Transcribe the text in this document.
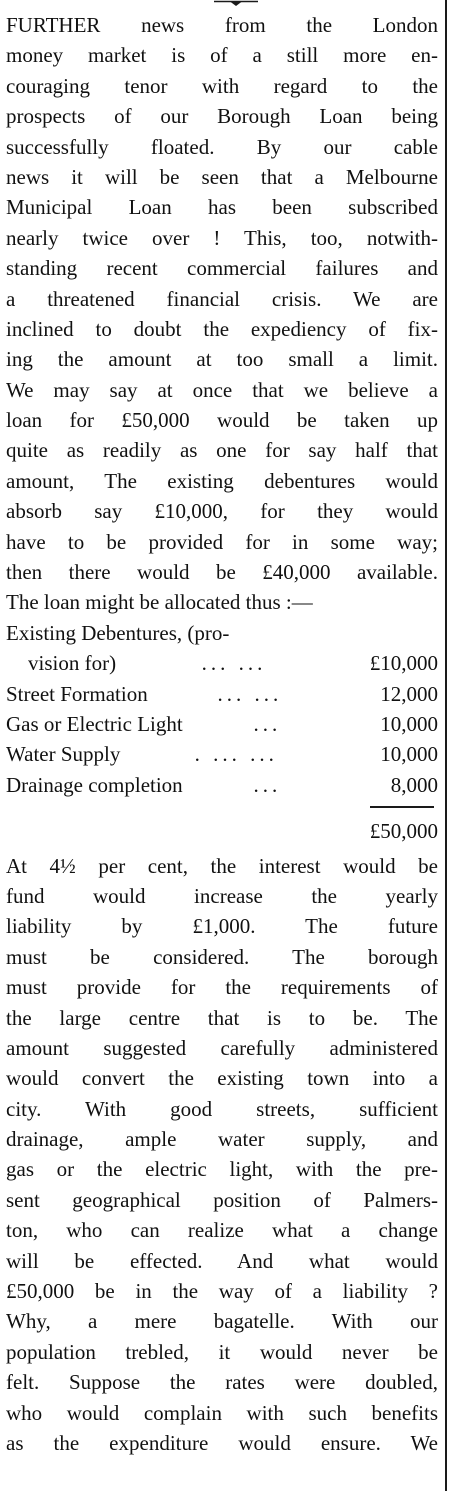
FURTHER news from the London
money market is of a still more en-
couraging tenor with regard to the
prospects of our Borough Loan being
successfully floated. By our cable
news it will be seen that a Melbourne
Municipal Loan has been subscribed
nearly twice over ! This, too, notwith-
standing recent commercial failures and
a threatened financial crisis. We are
inclined to doubt the expediency of fix-
ing the amount at too small a limit.
We may say at once that we believe a
loan for £50,000 would be taken up
quite as readily as one for say half that
amount, The existing debentures would
absorb say £10,000, for they would
have to be provided for in some way;
then there would be £40,000 available.
The loan might be allocated thus :—
Existing Debentures, (pro-
vision for)	... ...	£10,000
Street Formation	... ...	12,000
Gas or Electric Light	...	10,000
Water Supply	. ... ...	10,000
Drainage completion	...	8,000
£50,000
At 4½ per cent, the interest would be
fund would increase the yearly
liability by £1,000. The future
must be considered. The borough
must provide for the requirements of
the large centre that is to be. The
amount suggested carefully administered
would convert the existing town into a
city. With good streets, sufficient
drainage, ample water supply, and
gas or the electric light, with the pre-
sent geographical position of Palmers-
ton, who can realize what a change
will be effected. And what would
£50,000 be in the way of a liability ?
Why, a mere bagatelle. With our
population trebled, it would never be
felt. Suppose the rates were doubled,
who would complain with such benefits
as the expenditure would ensure. We
